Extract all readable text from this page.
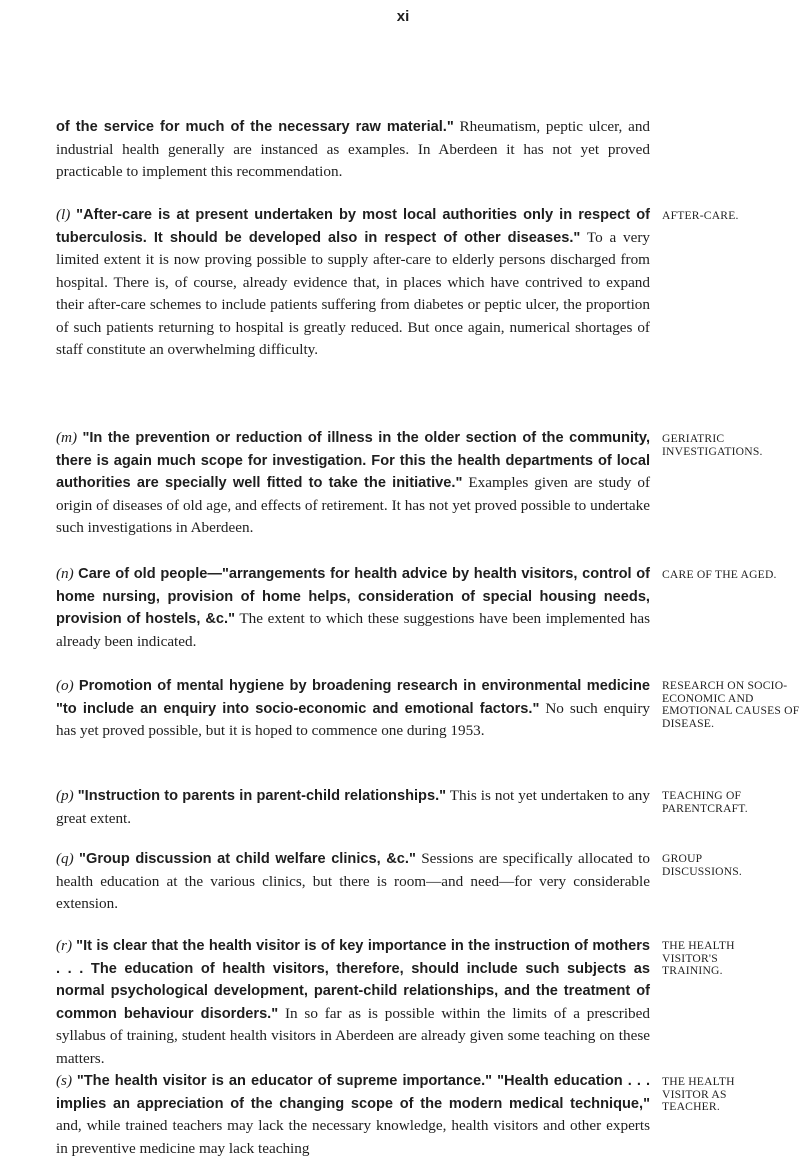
xi

of the service for much of the necessary raw material." Rheumatism, peptic ulcer, and industrial health generally are instanced as examples. In Aberdeen it has not yet proved practicable to implement this recommendation.

(l) "After-care is at present undertaken by most local authorities only in respect of tuberculosis. It should be developed also in respect of other diseases." To a very limited extent it is now proving possible to supply after-care to elderly persons discharged from hospital. There is, of course, already evidence that, in places which have contrived to expand their after-care schemes to include patients suffering from diabetes or peptic ulcer, the proportion of such patients returning to hospital is greatly reduced. But once again, numerical shortages of staff constitute an overwhelming difficulty.

AFTER-CARE.

(m) "In the prevention or reduction of illness in the older section of the community, there is again much scope for investigation. For this the health departments of local authorities are specially well fitted to take the initiative." Examples given are study of origin of diseases of old age, and effects of retirement. It has not yet proved possible to undertake such investigations in Aberdeen.

GERIATRIC INVESTIGATIONS.

(n) Care of old people—"arrangements for health advice by health visitors, control of home nursing, provision of home helps, consideration of special housing needs, provision of hostels, &c." The extent to which these suggestions have been implemented has already been indicated.

CARE OF THE AGED.

(o) Promotion of mental hygiene by broadening research in environmental medicine "to include an enquiry into socio-economic and emotional factors." No such enquiry has yet proved possible, but it is hoped to commence one during 1953.

RESEARCH ON SOCIO-ECONOMIC AND EMOTIONAL CAUSES OF DISEASE.

(p) "Instruction to parents in parent-child relationships." This is not yet undertaken to any great extent.

TEACHING OF PARENTCRAFT.

(q) "Group discussion at child welfare clinics, &c." Sessions are specifically allocated to health education at the various clinics, but there is room—and need—for very considerable extension.

GROUP DISCUSSIONS.

(r) "It is clear that the health visitor is of key importance in the instruction of mothers . . . The education of health visitors, therefore, should include such subjects as normal psychological development, parent-child relationships, and the treatment of common behaviour disorders." In so far as is possible within the limits of a prescribed syllabus of training, student health visitors in Aberdeen are already given some teaching on these matters.

THE HEALTH VISITOR'S TRAINING.

(s) "The health visitor is an educator of supreme importance." "Health education . . . implies an appreciation of the changing scope of the modern medical technique," and, while trained teachers may lack the necessary knowledge, health visitors and other experts in preventive medicine may lack teaching

THE HEALTH VISITOR AS TEACHER.
